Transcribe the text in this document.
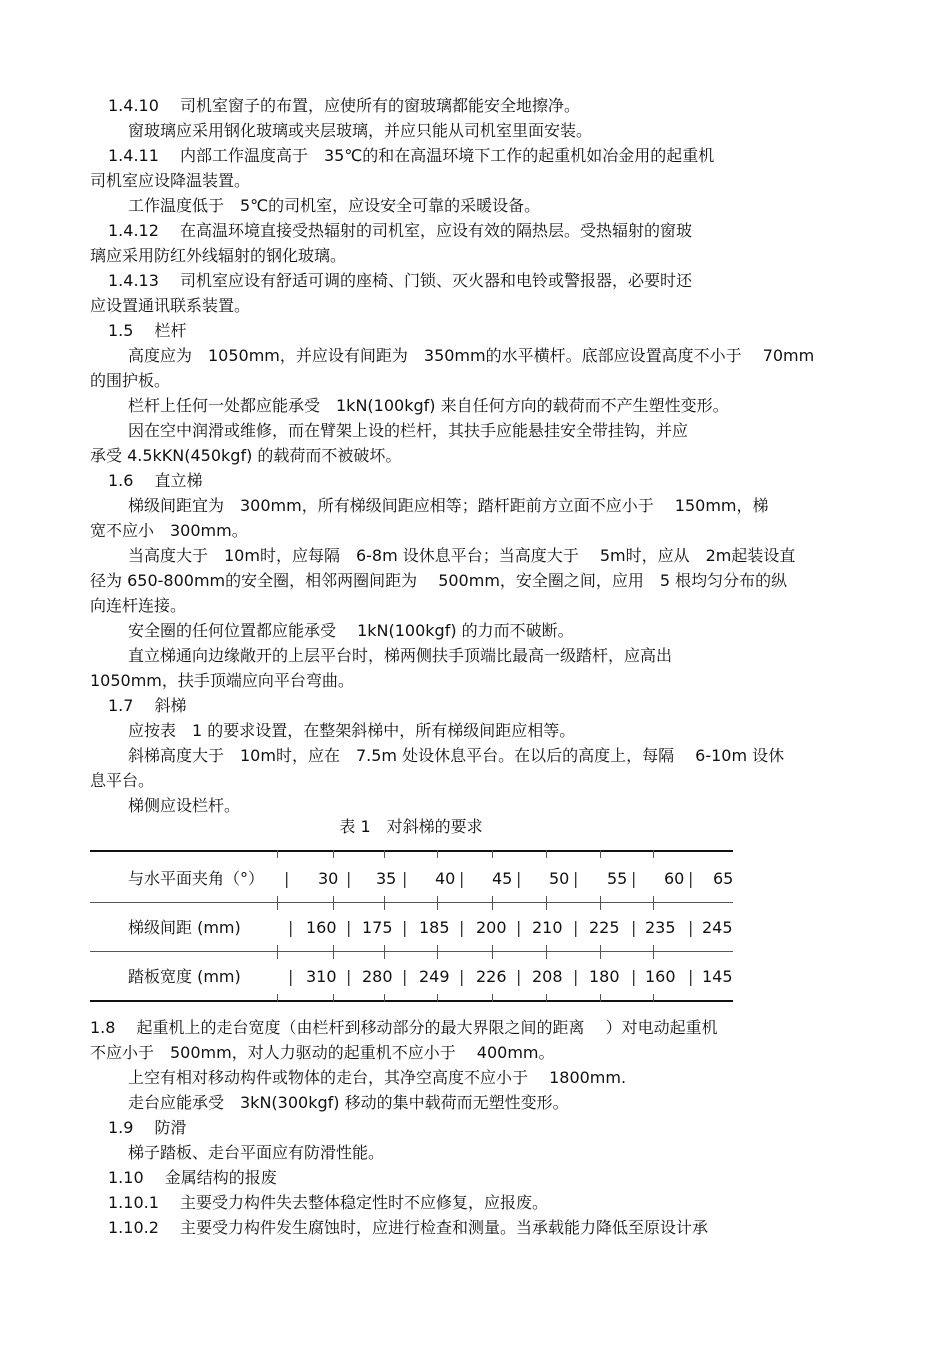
1.4.10　 司机室窗子的布置，应使所有的窗玻璃都能安全地擦净。
窗玻璃应采用钢化玻璃或夹层玻璃，并应只能从司机室里面安装。
1.4.11　 内部工作温度高于　35℃的和在高温环境下工作的起重机如冶金用的起重机
司机室应设降温装置。
工作温度低于　5℃的司机室，应设安全可靠的采暖设备。
1.4.12　 在高温环境直接受热辐射的司机室，应设有效的隔热层。受热辐射的窗玻
璃应采用防红外线辐射的钢化玻璃。
1.4.13　 司机室应设有舒适可调的座椅、门锁、灭火器和电铃或警报器，必要时还
应设置通讯联系装置。
1.5　 栏杆
高度应为　1050mm，并应设有间距为　350mm的水平横杆。底部应设置高度不小于　 70mm
的围护板。
栏杆上任何一处都应能承受　1kN(100kgf) 来自任何方向的载荷而不产生塑性变形。
因在空中润滑或维修，而在臂架上设的栏杆，其扶手应能悬挂安全带挂钩，并应
承受 4.5kKN(450kgf) 的载荷而不被破坏。
1.6　 直立梯
梯级间距宜为　300mm，所有梯级间距应相等；踏杆距前方立面不应小于　 150mm，梯
宽不应小　300mm。
当高度大于　10m时，应每隔　6-8m 设休息平台；当高度大于　 5m时，应从　2m起装设直
径为 650-800mm的安全圈，相邻两圈间距为　 500mm，安全圈之间，应用　5 根均匀分布的纵
向连杆连接。
安全圈的任何位置都应能承受　 1kN(100kgf) 的力而不破断。
直立梯通向边缘敞开的上层平台时，梯两侧扶手顶端比最高一级踏杆，应高出
1050mm，扶手顶端应向平台弯曲。
1.7　 斜梯
应按表　1 的要求设置，在整架斜梯中，所有梯级间距应相等。
斜梯高度大于　10m时，应在　7.5m 处设休息平台。在以后的高度上，每隔　 6-10m 设休
息平台。
梯侧应设栏杆。
表 1　对斜梯的要求
与水平面夹角（°） | 30 | 35 | 40 | 45 | 50 | 55 | 60 | 65
梯级间距 (mm)	| 160 | 175 | 185 | 200 | 210 | 225 | 235 | 245
踏板宽度 (mm)	| 310 | 280 | 249 | 226 | 208 | 180 | 160 | 145
1.8　 起重机上的走台宽度（由栏杆到移动部分的最大界限之间的距离　 ）对电动起重机
不应小于　500mm，对人力驱动的起重机不应小于　 400mm。
上空有相对移动构件或物体的走台，其净空高度不应小于　 1800mm.
走台应能承受　3kN(300kgf) 移动的集中载荷而无塑性变形。
1.9　 防滑
梯子踏板、走台平面应有防滑性能。
1.10　 金属结构的报废
1.10.1　 主要受力构件失去整体稳定性时不应修复，应报废。
1.10.2　 主要受力构件发生腐蚀时，应进行检查和测量。当承载能力降低至原设计承
